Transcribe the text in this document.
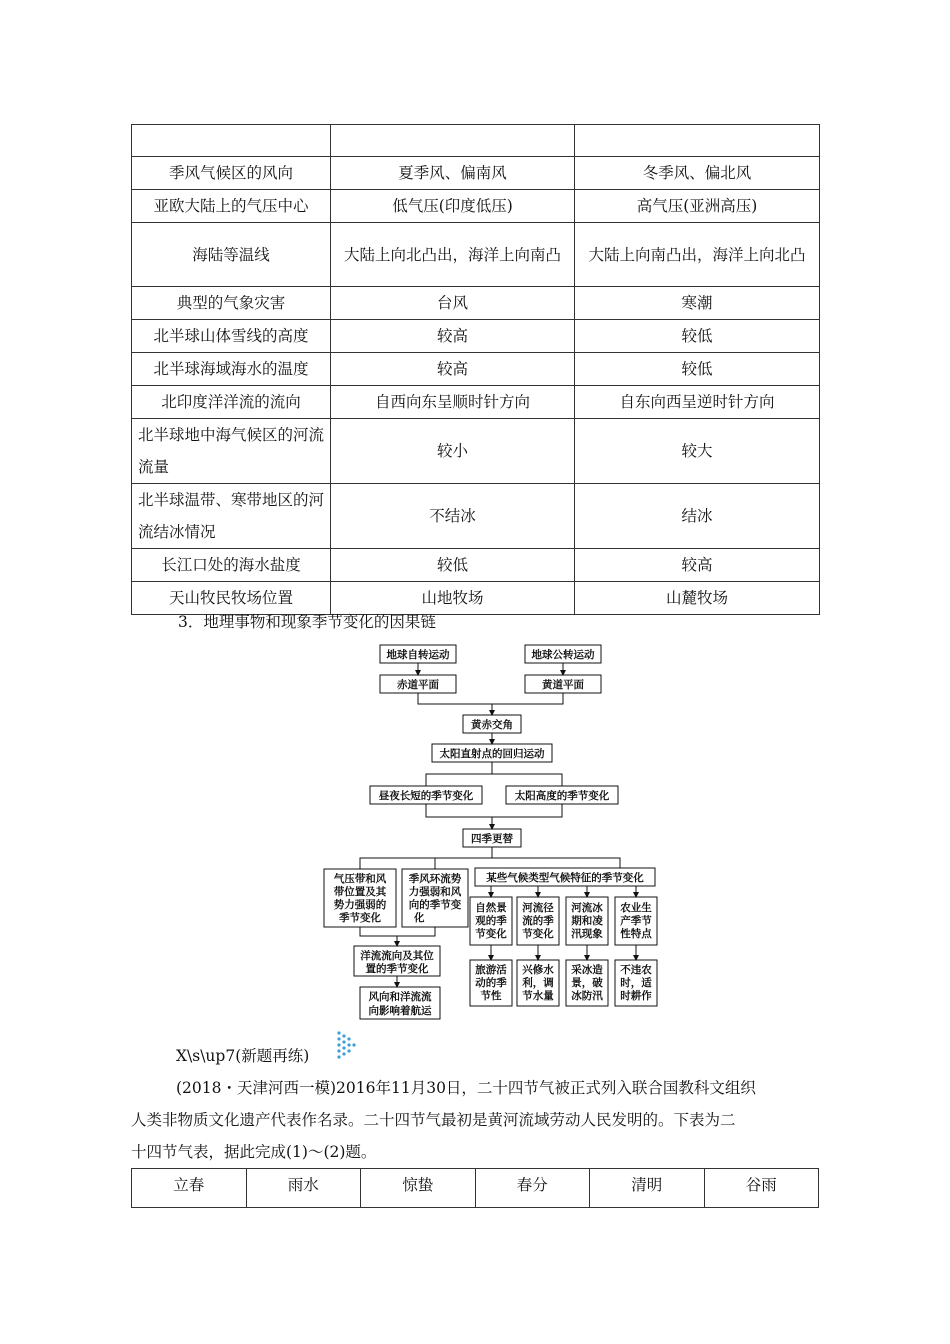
季风气候区的风向	夏季风、偏南风	冬季风、偏北风
亚欧大陆上的气压中心	低气压(印度低压)	高气压(亚洲高压)
海陆等温线	大陆上向北凸出，海洋上向南凸	大陆上向南凸出，海洋上向北凸
典型的气象灾害	台风	寒潮
北半球山体雪线的高度	较高	较低
北半球海域海水的温度	较高	较低
北印度洋洋流的流向	自西向东呈顺时针方向	自东向西呈逆时针方向
北半球地中海气候区的河流流量	较小	较大
北半球温带、寒带地区的河流结冰情况	不结冰	结冰
长江口处的海水盐度	较低	较高
天山牧民牧场位置	山地牧场	山麓牧场
3．地理事物和现象季节变化的因果链
地球自转运动	地球公转运动
赤道平面	黄道平面
黄赤交角
太阳直射点的回归运动
昼夜长短的季节变化	太阳高度的季节变化
四季更替
某些气候类型气候特征的季节变化
气压带和风
带位置及其
势力强弱的
季节变化
季风环流势
力强弱和风
向的季节变
化
洋流流向及其位
置的季节变化
风向和洋流流
向影响着航运
自然景
观的季
节变化
河流径
流的季
节变化
河流冰
期和凌
汛现象
农业生
产季节
性特点
旅游活
动的季
节性
兴修水
利，调
节水量
采冰造
景，破
冰防汛
不违农
时，适
时耕作
X\s\up7(新题再练)
(2018・天津河西一模)2016年11月30日，二十四节气被正式列入联合国教科文组织
人类非物质文化遗产代表作名录。二十四节气最初是黄河流域劳动人民发明的。下表为二
十四节气表，据此完成(1)～(2)题。
立春	雨水	惊蛰	春分	清明	谷雨
